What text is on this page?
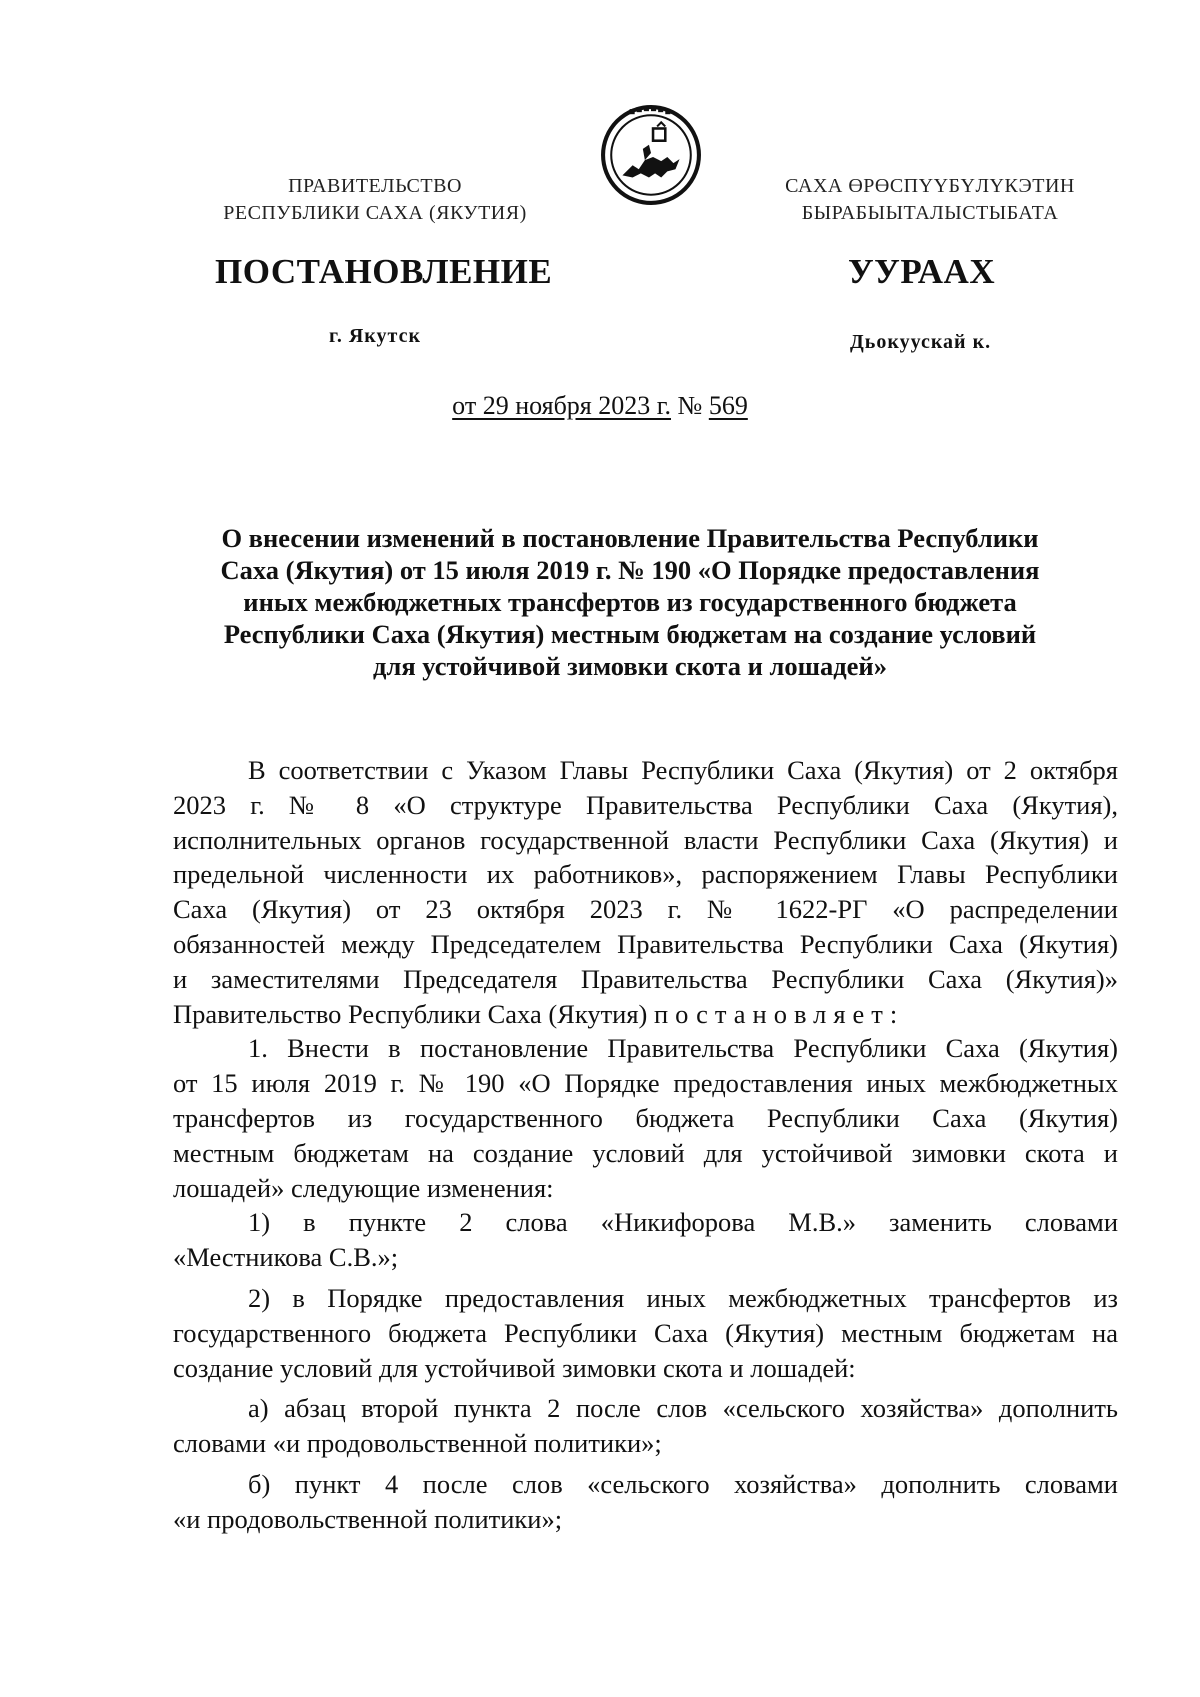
ПРАВИТЕЛЬСТВО
РЕСПУБЛИКИ САХА (ЯКУТИЯ)
САХА ӨРӨСПҮҮБҮЛҮКЭТИН
БЫРАБЫЫТАЛЫСТЫБАТА
ПОСТАНОВЛЕНИЕ	УУРААХ
г. Якутск	Дьокуускай к.
от 29 ноября 2023 г. № 569
О внесении изменений в постановление Правительства Республики
Саха (Якутия) от 15 июля 2019 г. № 190 «О Порядке предоставления
иных межбюджетных трансфертов из государственного бюджета
Республики Саха (Якутия) местным бюджетам на создание условий
для устойчивой зимовки скота и лошадей»
В соответствии с Указом Главы Республики Саха (Якутия) от 2 октября
2023 г. № 8 «О структуре Правительства Республики Саха (Якутия),
исполнительных органов государственной власти Республики Саха (Якутия) и
предельной численности их работников», распоряжением Главы Республики
Саха (Якутия) от 23 октября 2023 г. № 1622-РГ «О распределении
обязанностей между Председателем Правительства Республики Саха (Якутия)
и заместителями Председателя Правительства Республики Саха (Якутия)»
Правительство Республики Саха (Якутия) постановляет:
1. Внести в постановление Правительства Республики Саха (Якутия)
от 15 июля 2019 г. № 190 «О Порядке предоставления иных межбюджетных
трансфертов из государственного бюджета Республики Саха (Якутия)
местным бюджетам на создание условий для устойчивой зимовки скота и
лошадей» следующие изменения:
1) в пункте 2 слова «Никифорова М.В.» заменить словами
«Местникова С.В.»;
2) в Порядке предоставления иных межбюджетных трансфертов из
государственного бюджета Республики Саха (Якутия) местным бюджетам на
создание условий для устойчивой зимовки скота и лошадей:
а) абзац второй пункта 2 после слов «сельского хозяйства» дополнить
словами «и продовольственной политики»;
б) пункт 4 после слов «сельского хозяйства» дополнить словами
«и продовольственной политики»;
